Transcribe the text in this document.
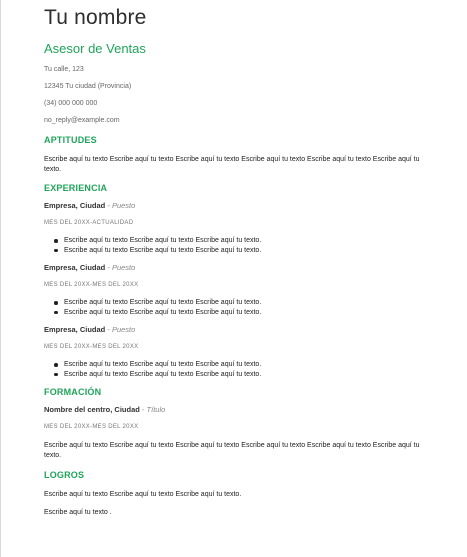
Tu nombre
Asesor de Ventas
Tu calle, 123
12345 Tu ciudad (Provincia)
(34) 000 000 000
no_reply@example.com
APTITUDES
Escribe aquí tu texto Escribe aquí tu texto Escribe aquí tu texto Escribe aquí tu texto Escribe aquí tu texto Escribe aquí tu texto.
EXPERIENCIA
Empresa, Ciudad - Puesto
MES DEL 20XX-ACTUALIDAD
Escribe aquí tu texto Escribe aquí tu texto Escribe aquí tu texto.
Escribe aquí tu texto Escribe aquí tu texto Escribe aquí tu texto.
Empresa, Ciudad - Puesto
MES DEL 20XX-MES DEL 20XX
Escribe aquí tu texto Escribe aquí tu texto Escribe aquí tu texto.
Escribe aquí tu texto Escribe aquí tu texto Escribe aquí tu texto.
Empresa, Ciudad - Puesto
MES DEL 20XX-MES DEL 20XX
Escribe aquí tu texto Escribe aquí tu texto Escribe aquí tu texto.
Escribe aquí tu texto Escribe aquí tu texto Escribe aquí tu texto.
FORMACIÓN
Nombre del centro, Ciudad - Título
MES DEL 20XX-MES DEL 20XX
Escribe aquí tu texto Escribe aquí tu texto Escribe aquí tu texto Escribe aquí tu texto Escribe aquí tu texto Escribe aquí tu texto.
LOGROS
Escribe aquí tu texto Escribe aquí tu texto Escribe aquí tu texto.
Escribe aquí tu texto .
